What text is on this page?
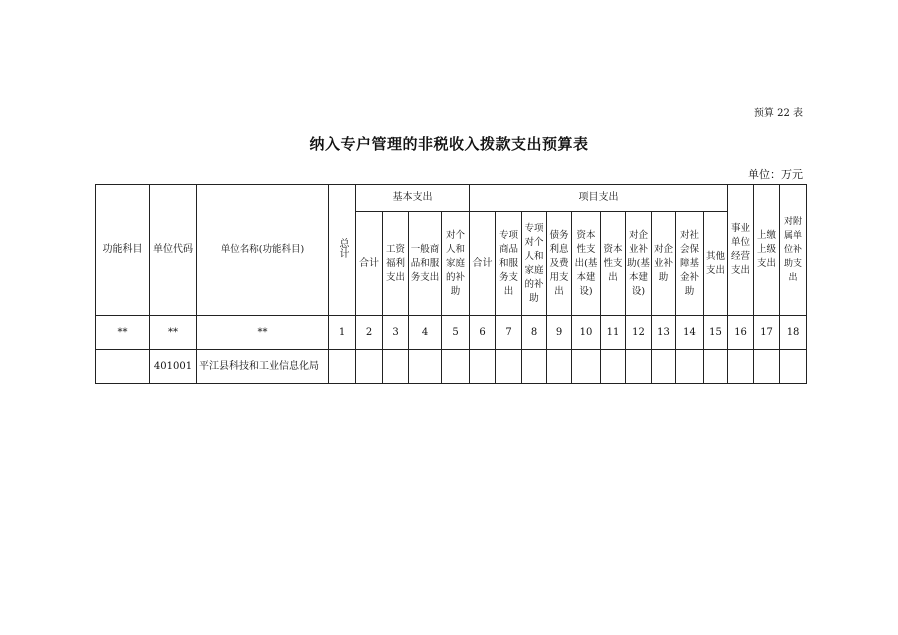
预算 22 表
纳入专户管理的非税收入拨款支出预算表
单位：万元
功能科目	单位代码	单位名称(功能科目)	总计	基本支出				项目支出										事业单位经营支出	上缴上级支出	对附属单位补助支出
				合计	工资福利支出	一般商品和服务支出	对个人和家庭的补助	合计	专项商品和服务支出	专项对个人和家庭的补助	债务利息及费用支出	资本性支出(基本建设)	资本性支出	对企业补助(基本建设)	对企业补助	对社会保障基金补助	其他支出			
**	**	**	1	2	3	4	5	6	7	8	9	10	11	12	13	14	15	16	17	18
	401001	平江县科技和工业信息化局																		
